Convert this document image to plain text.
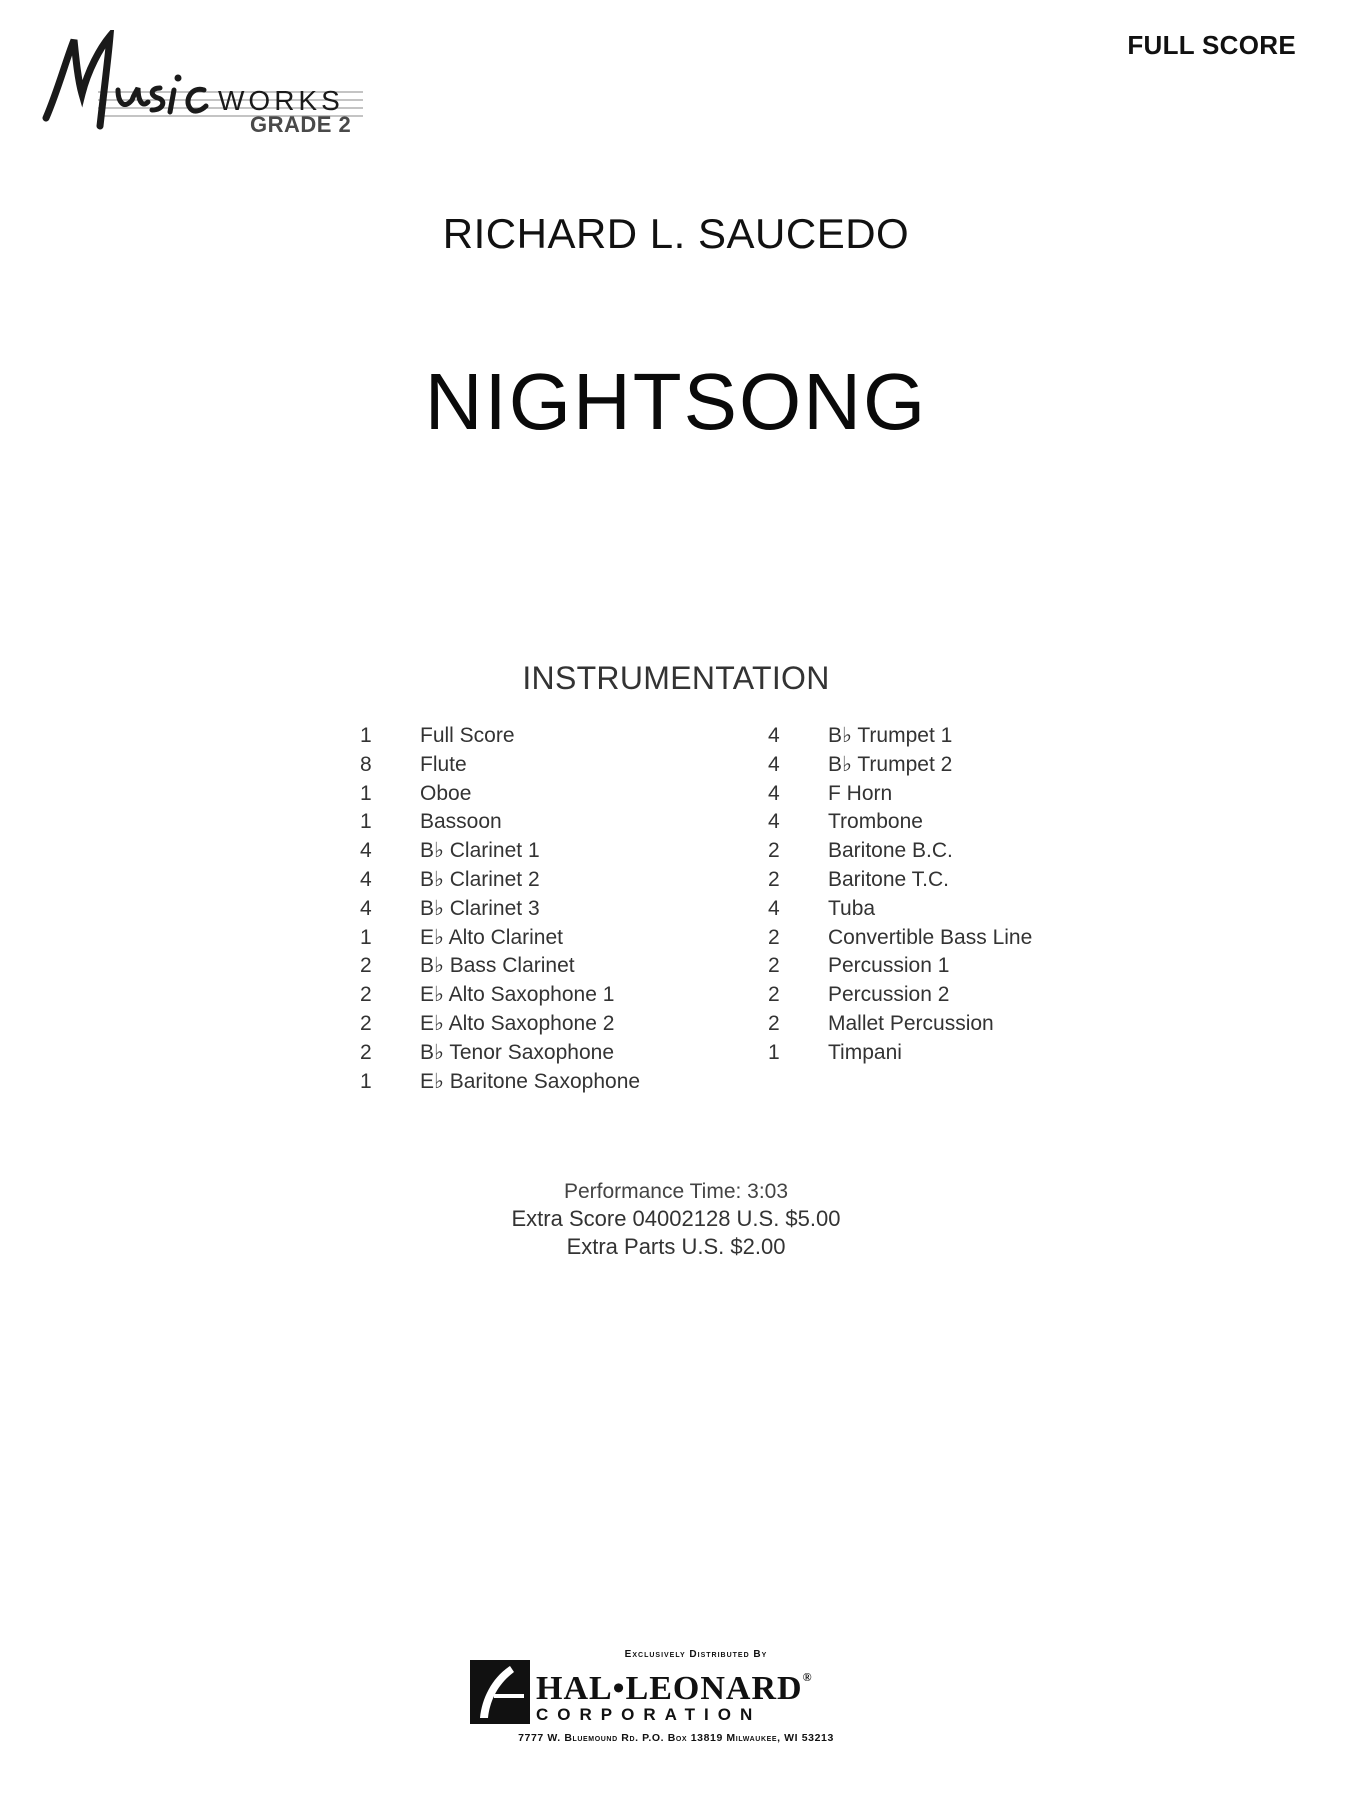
WORKS
GRADE 2
FULL SCORE
RICHARD L. SAUCEDO
NIGHTSONG
INSTRUMENTATION
1	Full Score
8	Flute
1	Oboe
1	Bassoon
4	B♭ Clarinet 1
4	B♭ Clarinet 2
4	B♭ Clarinet 3
1	E♭ Alto Clarinet
2	B♭ Bass Clarinet
2	E♭ Alto Saxophone 1
2	E♭ Alto Saxophone 2
2	B♭ Tenor Saxophone
1	E♭ Baritone Saxophone
4	B♭ Trumpet 1
4	B♭ Trumpet 2
4	F Horn
4	Trombone
2	Baritone B.C.
2	Baritone T.C.
4	Tuba
2	Convertible Bass Line
2	Percussion 1
2	Percussion 2
2	Mallet Percussion
1	Timpani
Performance Time: 3:03
Extra Score 04002128 U.S. $5.00
Extra Parts U.S. $2.00
Exclusively Distributed By
HAL•LEONARD®
CORPORATION
7777 W. Bluemound Rd. P.O. Box 13819 Milwaukee, WI 53213
